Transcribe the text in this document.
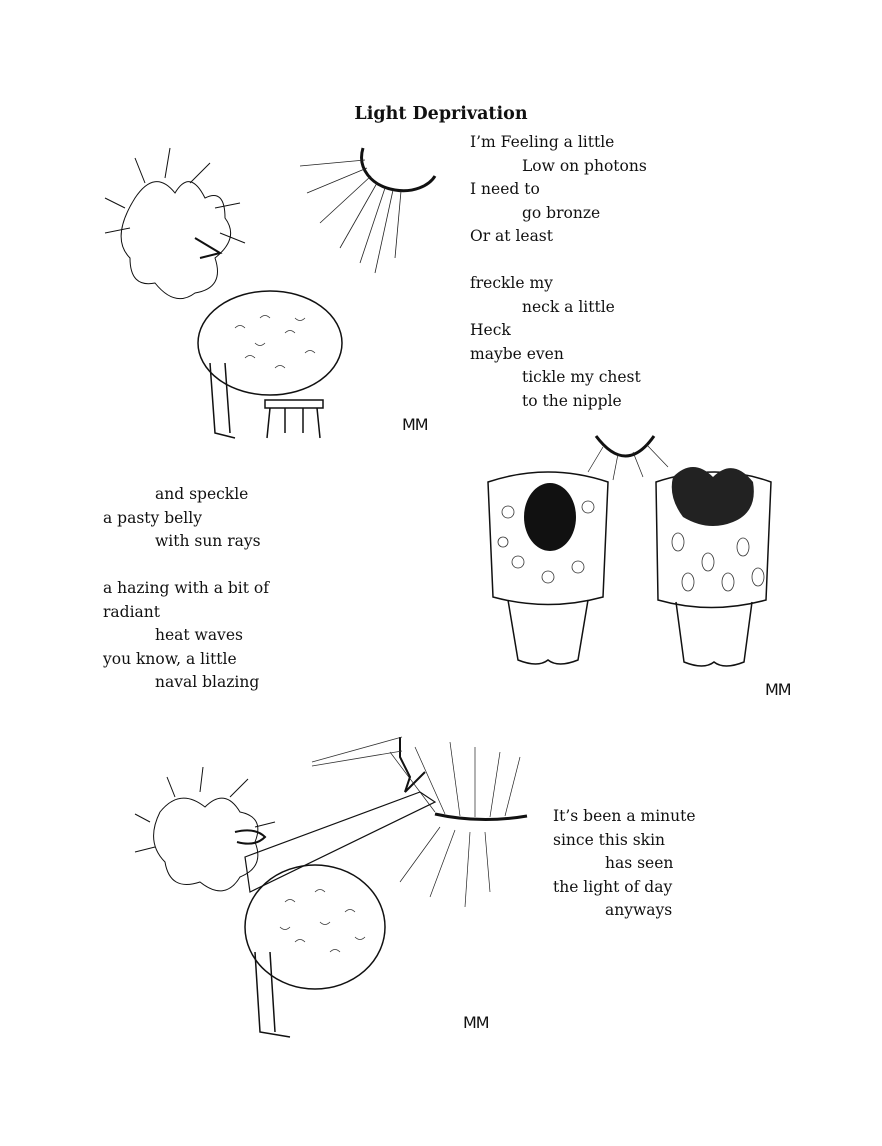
Light Deprivation
I’m Feeling a little
Low on photons
I need to
go bronze
Or at least
freckle my
neck a little
Heck
maybe even
tickle my chest
to the nipple
and speckle
a pasty belly
with sun rays
a hazing with a bit of
radiant
heat waves
you know, a little
naval blazing
It’s been a minute
since this skin
has seen
the light of day
anyways
MM
MM
MM
